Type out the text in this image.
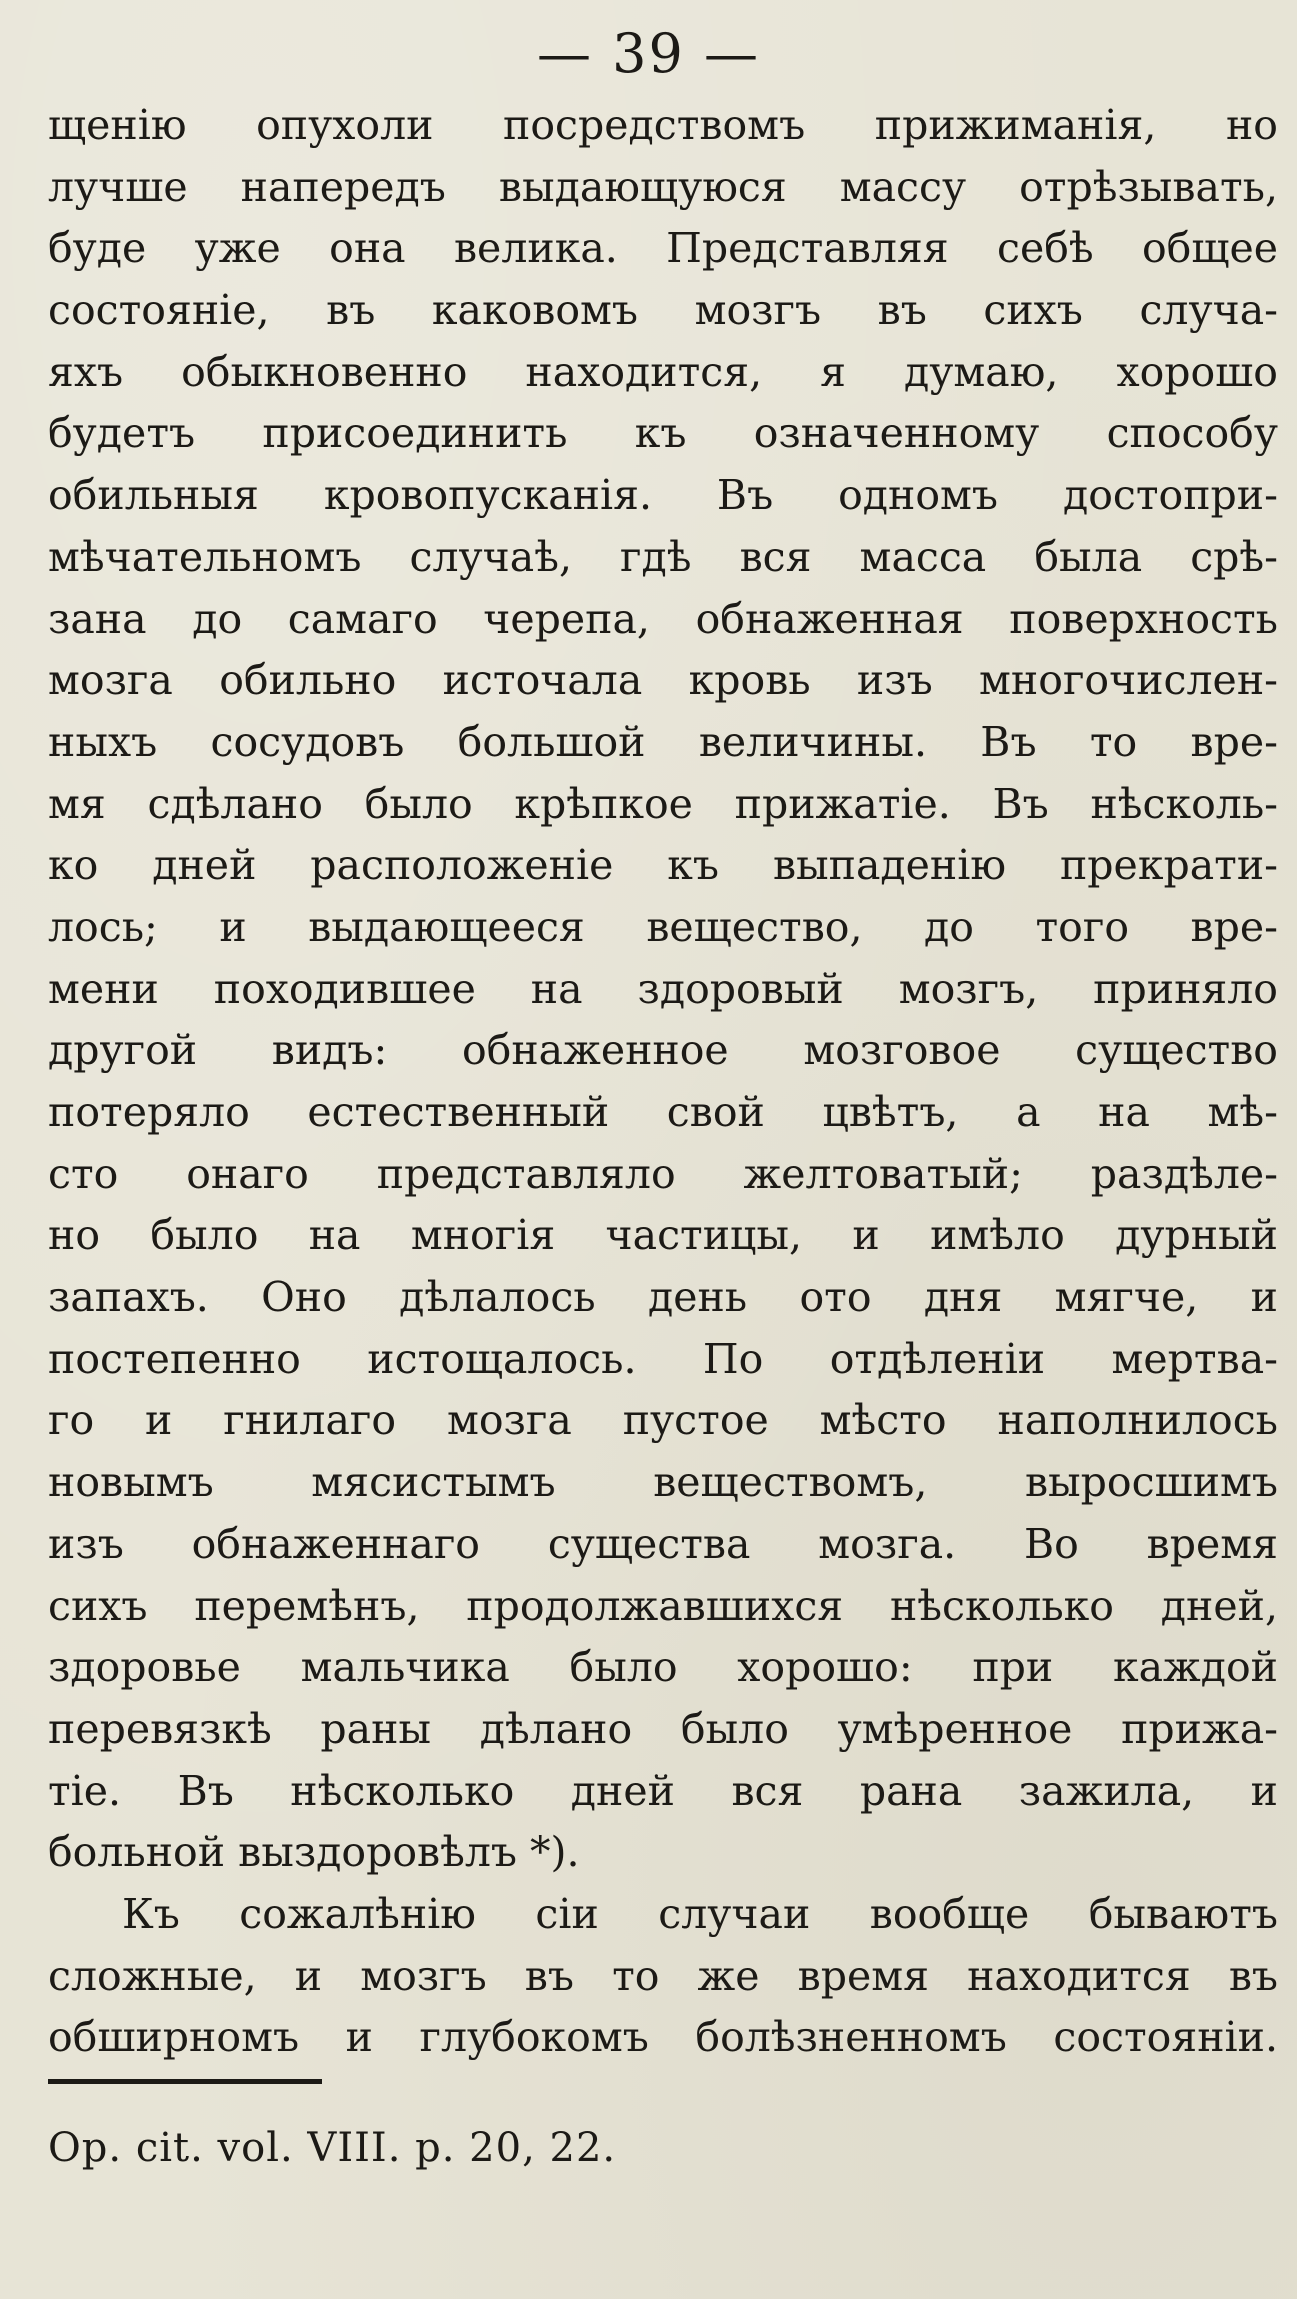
— 39 —
щенію опухоли посредствомъ прижиманія, но
лучше напередъ выдающуюся массу отрѣзывать,
буде уже она велика. Представляя себѣ общее
состояніе, въ каковомъ мозгъ въ сихъ случа-
яхъ обыкновенно находится, я думаю, хорошо
будетъ присоединить къ означенному способу
обильныя кровопусканія. Въ одномъ достопри-
мѣчательномъ случаѣ, гдѣ вся масса была срѣ-
зана до самаго черепа, обнаженная поверхность
мозга обильно источала кровь изъ многочислен-
ныхъ сосудовъ большой величины. Въ то вре-
мя сдѣлано было крѣпкое прижатіе. Въ нѣсколь-
ко дней расположеніе къ выпаденію прекрати-
лось; и выдающееся вещество, до того вре-
мени походившее на здоровый мозгъ, приняло
другой видъ: обнаженное мозговое существо
потеряло естественный свой цвѣтъ, а на мѣ-
сто онаго представляло желтоватый; раздѣле-
но было на многія частицы, и имѣло дурный
запахъ. Оно дѣлалось день ото дня мягче, и
постепенно истощалось. По отдѣленіи мертва-
го и гнилаго мозга пустое мѣсто наполнилось
новымъ мясистымъ веществомъ, выросшимъ
изъ обнаженнаго существа мозга. Во время
сихъ перемѣнъ, продолжавшихся нѣсколько дней,
здоровье мальчика было хорошо: при каждой
перевязкѣ раны дѣлано было умѣренное прижа-
тіе. Въ нѣсколько дней вся рана зажила, и
больной выздоровѣлъ *).
Къ сожалѣнію сіи случаи вообще бываютъ
сложные, и мозгъ въ то же время находится въ
обширномъ и глубокомъ болѣзненномъ состояніи.
Op. cit. vol. VIII. p. 20, 22.
